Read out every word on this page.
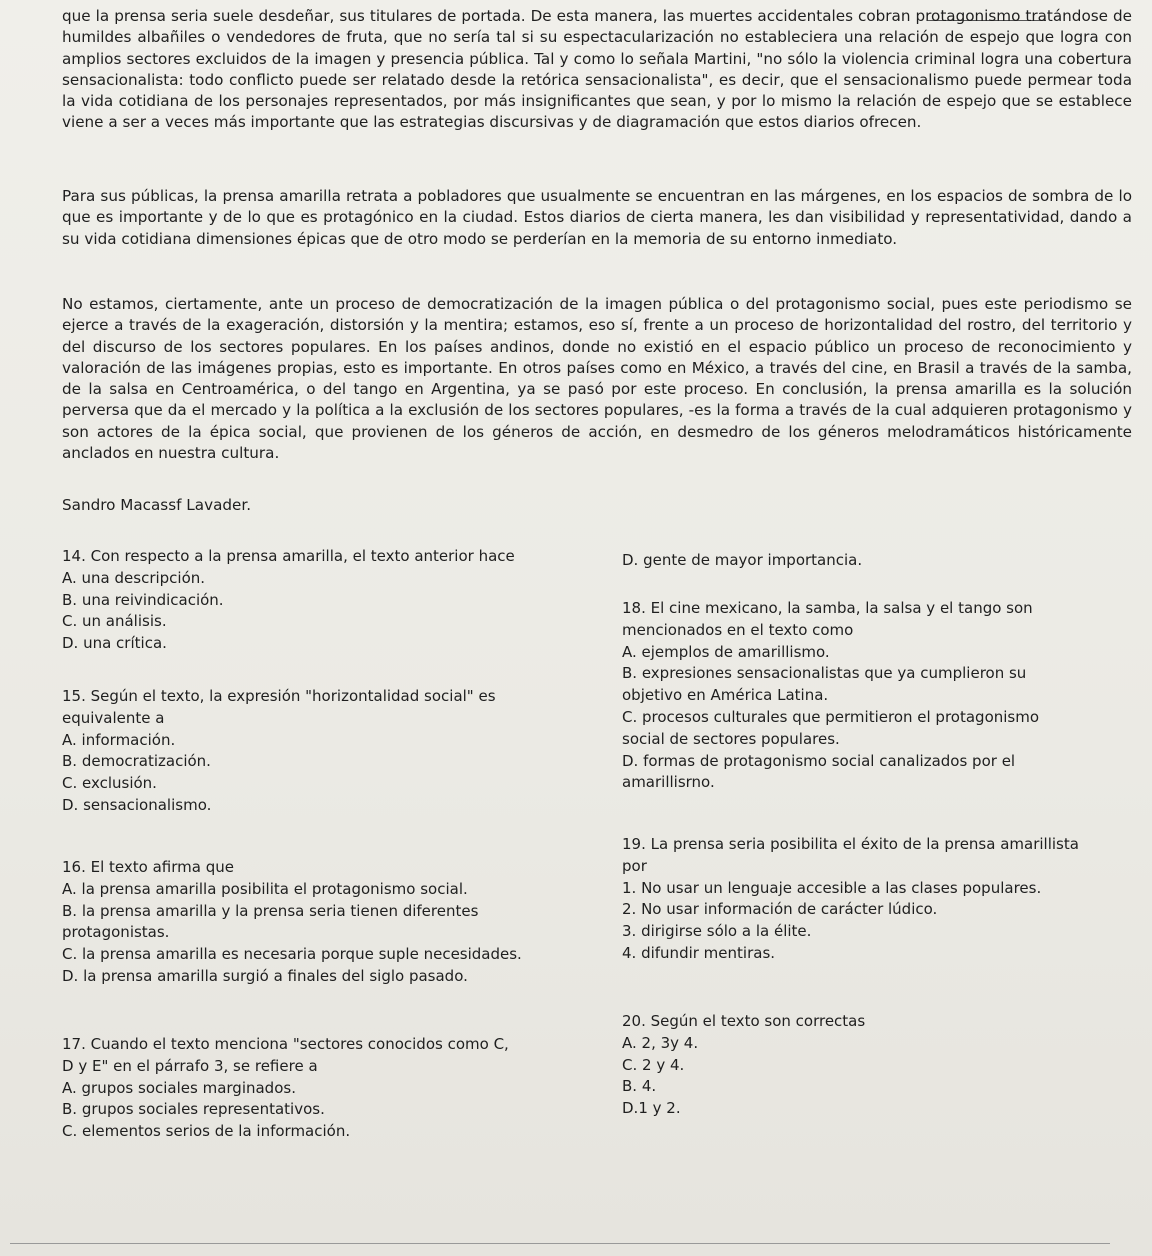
que la prensa seria suele desdeñar, sus titulares de portada. De esta manera, las muertes accidentales cobran protagonismo tratándose de humildes albañiles o vendedores de fruta, que no sería tal si su espectacularización no estableciera una relación de espejo que logra con amplios sectores excluidos de la imagen y presencia pública. Tal y como lo señala Martini, "no sólo la violencia criminal logra una cobertura sensacionalista: todo conflicto puede ser relatado desde la retórica sensacionalista", es decir, que el sensacionalismo puede permear toda la vida cotidiana de los personajes representados, por más insignificantes que sean, y por lo mismo la relación de espejo que se establece viene a ser a veces más importante que las estrategias discursivas y de diagramación que estos diarios ofrecen.

Para sus públicas, la prensa amarilla retrata a pobladores que usualmente se encuentran en las márgenes, en los espacios de sombra de lo que es importante y de lo que es protagónico en la ciudad. Estos diarios de cierta manera, les dan visibilidad y representatividad, dando a su vida cotidiana dimensiones épicas que de otro modo se perderían en la memoria de su entorno inmediato.

No estamos, ciertamente, ante un proceso de democratización de la imagen pública o del protagonismo social, pues este periodismo se ejerce a través de la exageración, distorsión y la mentira; estamos, eso sí, frente a un proceso de horizontalidad del rostro, del territorio y del discurso de los sectores populares. En los países andinos, donde no existió en el espacio público un proceso de reconocimiento y valoración de las imágenes propias, esto es importante. En otros países como en México, a través del cine, en Brasil a través de la samba, de la salsa en Centroamérica, o del tango en Argentina, ya se pasó por este proceso. En conclusión, la prensa amarilla es la solución perversa que da el mercado y la política a la exclusión de los sectores populares, -es la forma a través de la cual adquieren protagonismo y son actores de la épica social, que provienen de los géneros de acción, en desmedro de los géneros melodramáticos históricamente anclados en nuestra cultura.

Sandro Macassf Lavader.

14. Con respecto a la prensa amarilla, el texto anterior hace
A. una descripción.
B. una reivindicación.
C. un análisis.
D. una crítica.
15. Según el texto, la expresión "horizontalidad social" es
equivalente a
A. información.
B. democratización.
C. exclusión.
D. sensacionalismo.
16. El texto afirma que
A. la prensa amarilla posibilita el protagonismo social.
B. la prensa amarilla y la prensa seria tienen diferentes
protagonistas.
C. la prensa amarilla es necesaria porque suple necesidades.
D. la prensa amarilla surgió a finales del siglo pasado.
17. Cuando el texto menciona "sectores conocidos como C,
D y E" en el párrafo 3, se refiere a
A. grupos sociales marginados.
B. grupos sociales representativos.
C. elementos serios de la información.
D. gente de mayor importancia.
18. El cine mexicano, la samba, la salsa y el tango son
mencionados en el texto como
A. ejemplos de amarillismo.
B. expresiones sensacionalistas que ya cumplieron su
objetivo en América Latina.
C. procesos culturales que permitieron el protagonismo
social de sectores populares.
D. formas de protagonismo social canalizados por el
amarillisrno.
19. La prensa seria posibilita el éxito de la prensa amarillista
por
1. No usar un lenguaje accesible a las clases populares.
2. No usar información de carácter lúdico.
3. dirigirse sólo a la élite.
4. difundir mentiras.
20. Según el texto son correctas
A. 2, 3y 4.
C. 2 y 4.
B. 4.
D.1 y 2.
